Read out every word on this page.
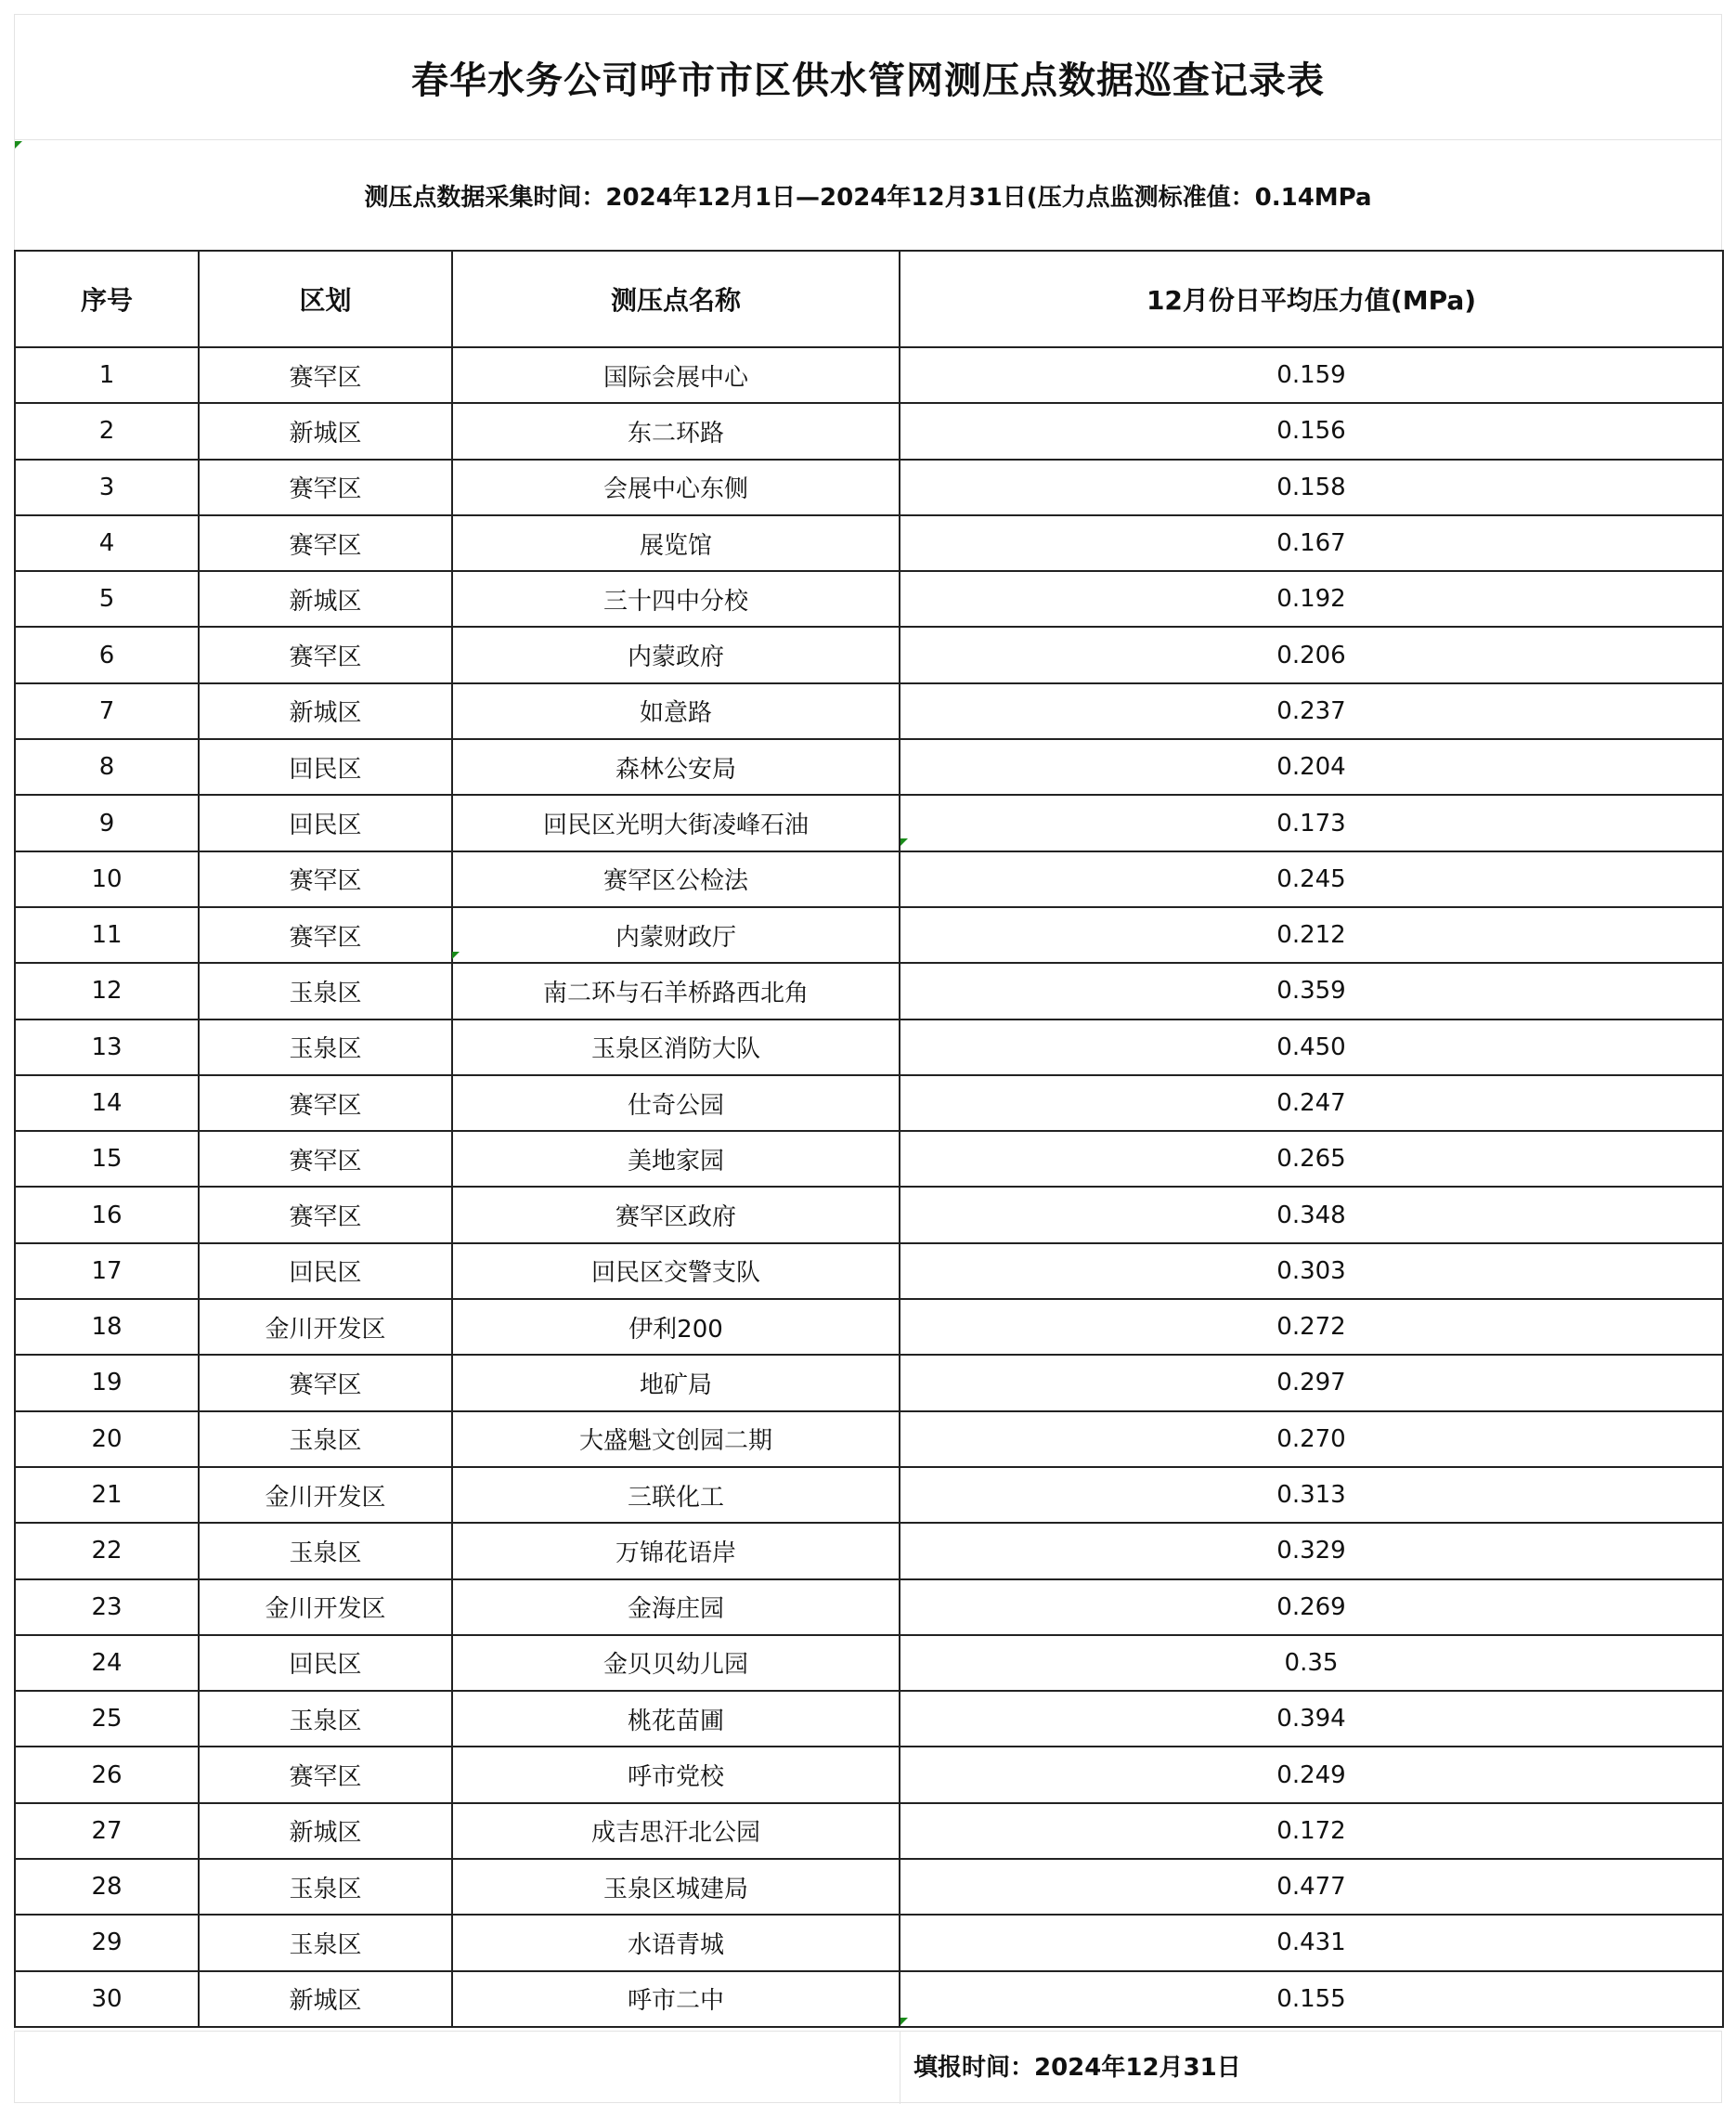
春华水务公司呼市市区供水管网测压点数据巡查记录表
测压点数据采集时间：2024年12月1日—2024年12月31日(压力点监测标准值：0.14MPa
序号	区划	测压点名称	12月份日平均压力值(MPa)
1	赛罕区	国际会展中心	0.159
2	新城区	东二环路	0.156
3	赛罕区	会展中心东侧	0.158
4	赛罕区	展览馆	0.167
5	新城区	三十四中分校	0.192
6	赛罕区	内蒙政府	0.206
7	新城区	如意路	0.237
8	回民区	森林公安局	0.204
9	回民区	回民区光明大街凌峰石油	0.173
10	赛罕区	赛罕区公检法	0.245
11	赛罕区	内蒙财政厅	0.212
12	玉泉区	南二环与石羊桥路西北角	0.359
13	玉泉区	玉泉区消防大队	0.450
14	赛罕区	仕奇公园	0.247
15	赛罕区	美地家园	0.265
16	赛罕区	赛罕区政府	0.348
17	回民区	回民区交警支队	0.303
18	金川开发区	伊利200	0.272
19	赛罕区	地矿局	0.297
20	玉泉区	大盛魁文创园二期	0.270
21	金川开发区	三联化工	0.313
22	玉泉区	万锦花语岸	0.329
23	金川开发区	金海庄园	0.269
24	回民区	金贝贝幼儿园	0.35
25	玉泉区	桃花苗圃	0.394
26	赛罕区	呼市党校	0.249
27	新城区	成吉思汗北公园	0.172
28	玉泉区	玉泉区城建局	0.477
29	玉泉区	水语青城	0.431
30	新城区	呼市二中	0.155
填报时间：2024年12月31日
